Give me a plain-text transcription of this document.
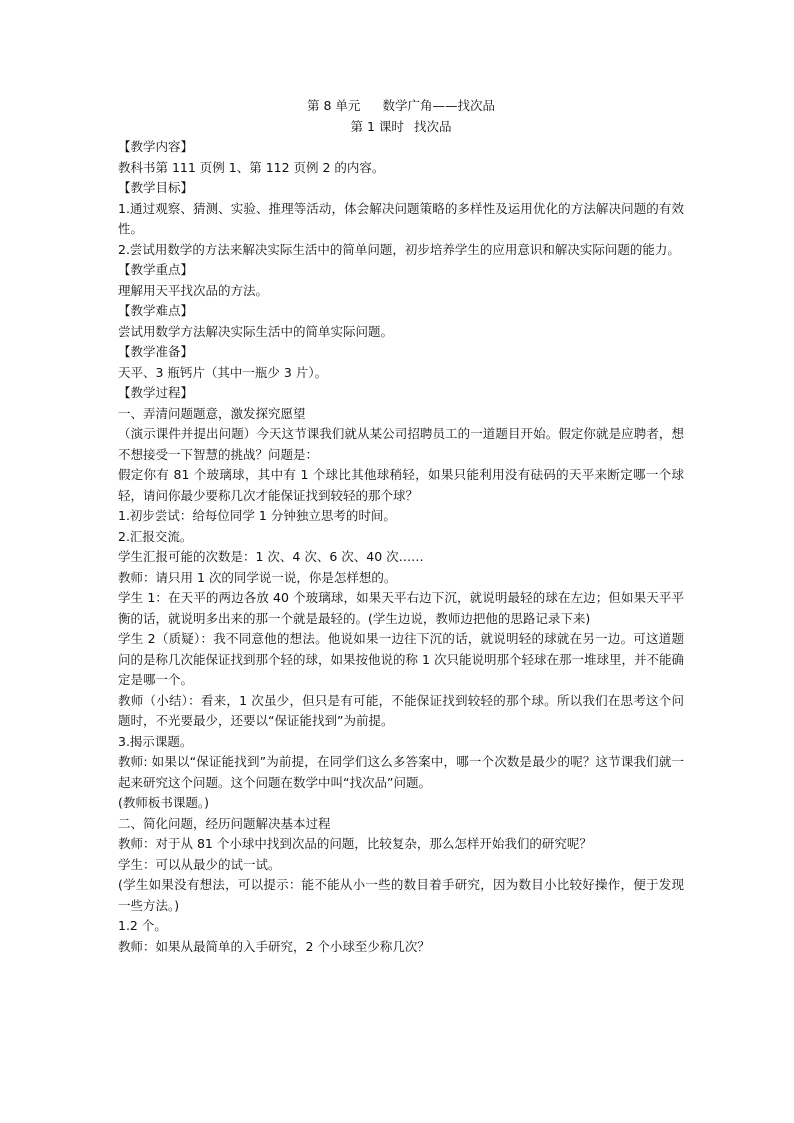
第 8 单元 数学广角——找次品
第 1 课时 找次品

【教学内容】

教科书第 111 页例 1、第 112 页例 2 的内容。

【教学目标】

1.通过观察、猜测、实验、推理等活动，体会解决问题策略的多样性及运用优化的方法解决问题的有效性。

2.尝试用数学的方法来解决实际生活中的简单问题，初步培养学生的应用意识和解决实际问题的能力。

【教学重点】

理解用天平找次品的方法。

【教学难点】

尝试用数学方法解决实际生活中的简单实际问题。

【教学准备】

天平、3 瓶钙片（其中一瓶少 3 片）。

【教学过程】

一、弄清问题题意，激发探究愿望

（演示课件并提出问题）今天这节课我们就从某公司招聘员工的一道题目开始。假定你就是应聘者，想不想接受一下智慧的挑战？问题是：

假定你有 81 个玻璃球，其中有 1 个球比其他球稍轻，如果只能利用没有砝码的天平来断定哪一个球轻，请问你最少要称几次才能保证找到较轻的那个球？

1.初步尝试：给每位同学 1 分钟独立思考的时间。

2.汇报交流。

学生汇报可能的次数是：1 次、4 次、6 次、40 次……

教师：请只用 1 次的同学说一说，你是怎样想的。

学生 1：在天平的两边各放 40 个玻璃球，如果天平右边下沉，就说明最轻的球在左边；但如果天平平衡的话，就说明多出来的那一个就是最轻的。(学生边说，教师边把他的思路记录下来)

学生 2（质疑）：我不同意他的想法。他说如果一边往下沉的话，就说明轻的球就在另一边。可这道题问的是称几次能保证找到那个轻的球，如果按他说的称 1 次只能说明那个轻球在那一堆球里，并不能确定是哪一个。

教师（小结）：看来，1 次虽少，但只是有可能，不能保证找到较轻的那个球。所以我们在思考这个问题时，不光要最少，还要以“保证能找到”为前提。

3.揭示课题。

教师: 如果以“保证能找到”为前提，在同学们这么多答案中，哪一个次数是最少的呢？这节课我们就一起来研究这个问题。这个问题在数学中叫“找次品”问题。

(教师板书课题。)

二、简化问题，经历问题解决基本过程

教师：对于从 81 个小球中找到次品的问题，比较复杂，那么怎样开始我们的研究呢？

学生：可以从最少的试一试。

(学生如果没有想法，可以提示：能不能从小一些的数目着手研究，因为数目小比较好操作，便于发现一些方法。)

1.2 个。

教师：如果从最简单的入手研究，2 个小球至少称几次？
